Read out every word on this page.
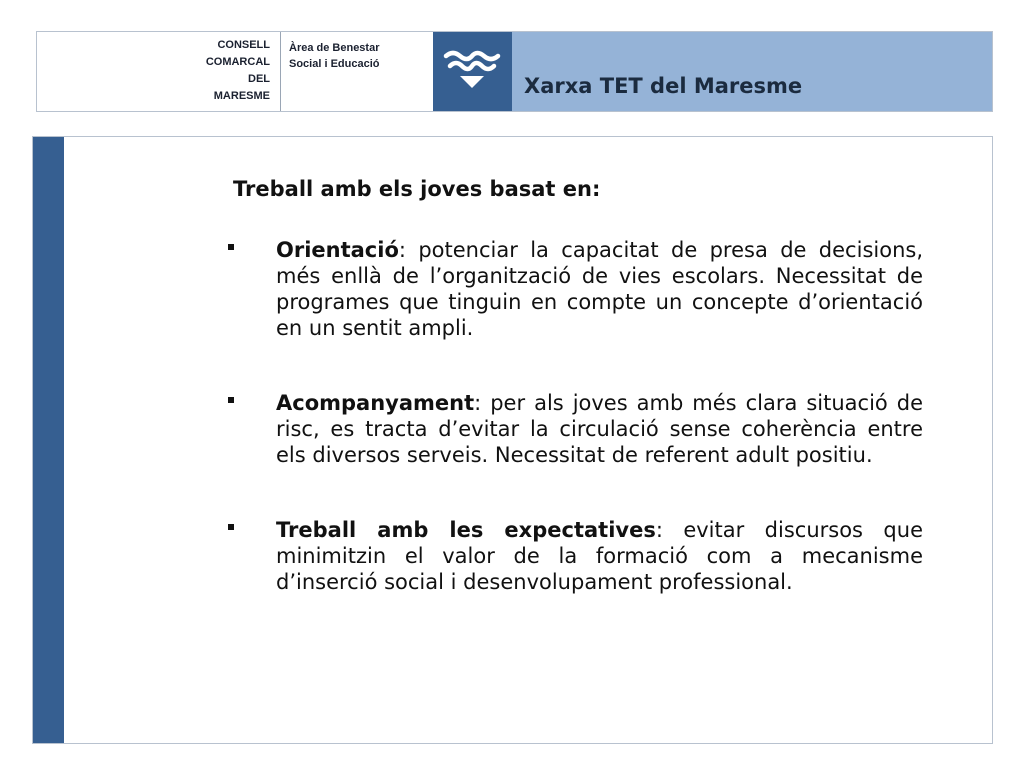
CONSELL
COMARCAL
DEL
MARESME
Àrea de Benestar
Social i Educació
Xarxa TET del Maresme
Treball amb els joves basat en:

Orientació: potenciar la capacitat de presa de decisions, més enllà de l’organització de vies escolars. Necessitat de programes que tinguin en compte un concepte d’orientació en un sentit ampli.

Acompanyament: per als joves amb més clara situació de risc, es tracta d’evitar la circulació sense coherència entre els diversos serveis. Necessitat de referent adult positiu.

Treball amb les expectatives: evitar discursos que minimitzin el valor de la formació com a mecanisme d’inserció social i desenvolupament professional.
